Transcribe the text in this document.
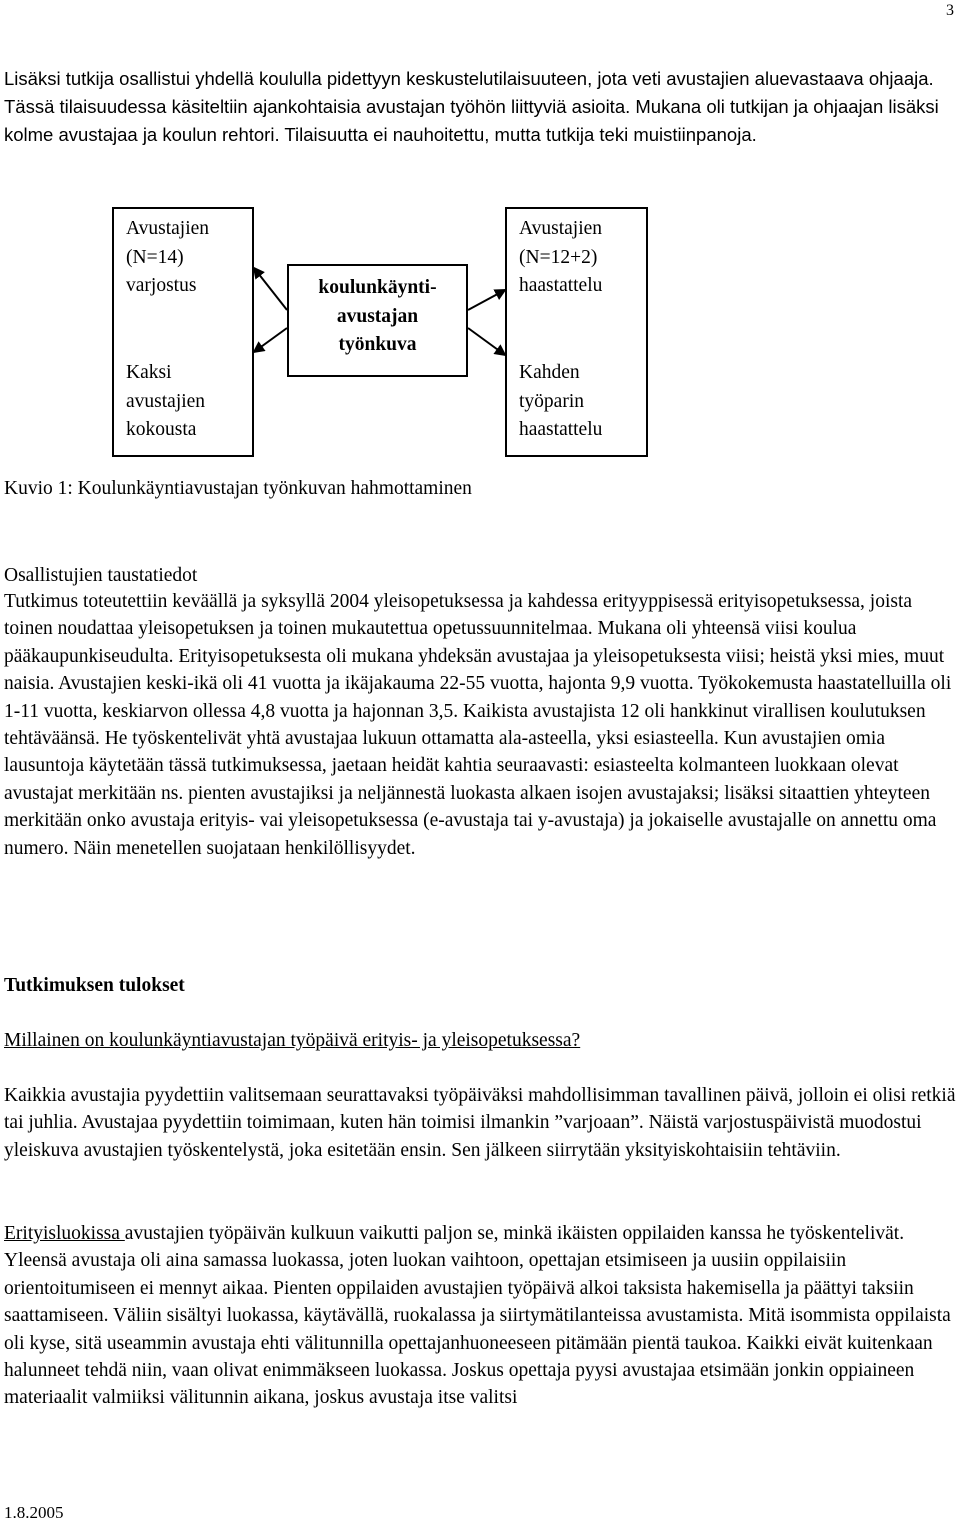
3

Lisäksi tutkija osallistui yhdellä koululla pidettyyn keskustelutilaisuuteen, jota veti avustajien aluevastaava ohjaaja. Tässä tilaisuudessa käsiteltiin ajankohtaisia avustajan työhön liittyviä asioita. Mukana oli tutkijan ja ohjaajan lisäksi kolme avustajaa ja koulun rehtori. Tilaisuutta ei nauhoitettu, mutta tutkija teki muistiinpanoja.

Avustajien
(N=14)
varjostus
Kaksi
avustajien
kokousta
koulunkäynti-
avustajan
työnkuva
Avustajien
(N=12+2)
haastattelu
Kahden
työparin
haastattelu
Kuvio 1: Koulunkäyntiavustajan työnkuvan hahmottaminen
Osallistujien taustatiedot

Tutkimus toteutettiin keväällä ja syksyllä 2004 yleisopetuksessa ja kahdessa erityyppisessä erityisopetuksessa, joista toinen noudattaa yleisopetuksen ja toinen mukautettua opetussuunnitelmaa. Mukana oli yhteensä viisi koulua pääkaupunkiseudulta. Erityisopetuksesta oli mukana yhdeksän avustajaa ja yleisopetuksesta viisi; heistä yksi mies, muut naisia. Avustajien keski-ikä oli 41 vuotta ja ikäjakauma 22-55 vuotta, hajonta 9,9 vuotta. Työkokemusta haastatelluilla oli 1-11 vuotta, keskiarvon ollessa 4,8 vuotta ja hajonnan 3,5. Kaikista avustajista 12 oli hankkinut virallisen koulutuksen tehtäväänsä. He työskentelivät yhtä avustajaa lukuun ottamatta ala-asteella, yksi esiasteella. Kun avustajien omia lausuntoja käytetään tässä tutkimuksessa, jaetaan heidät kahtia seuraavasti: esiasteelta kolmanteen luokkaan olevat avustajat merkitään ns. pienten avustajiksi ja neljännestä luokasta alkaen isojen avustajaksi; lisäksi sitaattien yhteyteen merkitään onko avustaja erityis- vai yleisopetuksessa (e-avustaja tai y-avustaja) ja jokaiselle avustajalle on annettu oma numero. Näin menetellen suojataan henkilöllisyydet.

Tutkimuksen tulokset
Millainen on koulunkäyntiavustajan työpäivä erityis- ja yleisopetuksessa?

Kaikkia avustajia pyydettiin valitsemaan seurattavaksi työpäiväksi mahdollisimman tavallinen päivä, jolloin ei olisi retkiä tai juhlia. Avustajaa pyydettiin toimimaan, kuten hän toimisi ilmankin ”varjoaan”. Näistä varjostuspäivistä muodostui yleiskuva avustajien työskentelystä, joka esitetään ensin. Sen jälkeen siirrytään yksityiskohtaisiin tehtäviin.

Erityisluokissa avustajien työpäivän kulkuun vaikutti paljon se, minkä ikäisten oppilaiden kanssa he työskentelivät. Yleensä avustaja oli aina samassa luokassa, joten luokan vaihtoon, opettajan etsimiseen ja uusiin oppilaisiin orientoitumiseen ei mennyt aikaa. Pienten oppilaiden avustajien työpäivä alkoi taksista hakemisella ja päättyi taksiin saattamiseen. Väliin sisältyi luokassa, käytävällä, ruokalassa ja siirtymätilanteissa avustamista. Mitä isommista oppilaista oli kyse, sitä useammin avustaja ehti välitunnilla opettajanhuoneeseen pitämään pientä taukoa. Kaikki eivät kuitenkaan halunneet tehdä niin, vaan olivat enimmäkseen luokassa. Joskus opettaja pyysi avustajaa etsimään jonkin oppiaineen materiaalit valmiiksi välitunnin aikana, joskus avustaja itse valitsi

1.8.2005
